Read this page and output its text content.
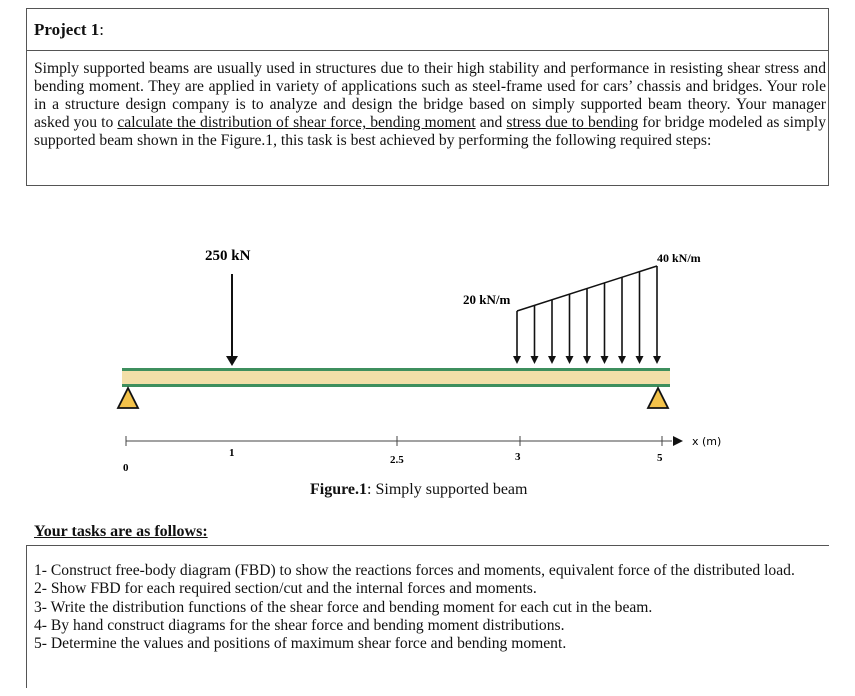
Project 1:
Simply supported beams are usually used in structures due to their high stability and performance in resisting shear stress and bending moment. They are applied in variety of applications such as steel-frame used for cars’ chassis and bridges. Your role in a structure design company is to analyze and design the bridge based on simply supported beam theory. Your manager asked you to calculate the distribution of shear force, bending moment and stress due to bending for bridge modeled as simply supported beam shown in the Figure.1, this task is best achieved by performing the following required steps:
250 kN
20 kN/m
40 kN/m
x (m)
0
1
2.5	3	5
Figure.1: Simply supported beam
Your tasks are as follows:
1- Construct free-body diagram (FBD) to show the reactions forces and moments, equivalent force of the distributed load.
2- Show FBD for each required section/cut and the internal forces and moments.
3- Write the distribution functions of the shear force and bending moment for each cut in the beam.
4- By hand construct diagrams for the shear force and bending moment distributions.
5- Determine the values and positions of maximum shear force and bending moment.
